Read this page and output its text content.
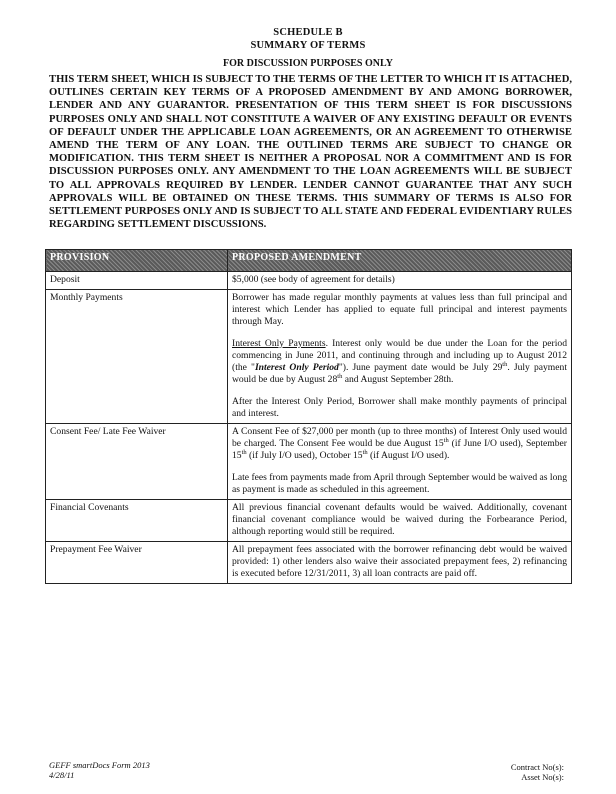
SCHEDULE B
SUMMARY OF TERMS
FOR DISCUSSION PURPOSES ONLY
THIS TERM SHEET, WHICH IS SUBJECT TO THE TERMS OF THE LETTER TO WHICH IT IS ATTACHED, OUTLINES CERTAIN KEY TERMS OF A PROPOSED AMENDMENT BY AND AMONG BORROWER, LENDER AND ANY GUARANTOR. PRESENTATION OF THIS TERM SHEET IS FOR DISCUSSIONS PURPOSES ONLY AND SHALL NOT CONSTITUTE A WAIVER OF ANY EXISTING DEFAULT OR EVENTS OF DEFAULT UNDER THE APPLICABLE LOAN AGREEMENTS, OR AN AGREEMENT TO OTHERWISE AMEND THE TERM OF ANY LOAN. THE OUTLINED TERMS ARE SUBJECT TO CHANGE OR MODIFICATION. THIS TERM SHEET IS NEITHER A PROPOSAL NOR A COMMITMENT AND IS FOR DISCUSSION PURPOSES ONLY. ANY AMENDMENT TO THE LOAN AGREEMENTS WILL BE SUBJECT TO ALL APPROVALS REQUIRED BY LENDER. LENDER CANNOT GUARANTEE THAT ANY SUCH APPROVALS WILL BE OBTAINED ON THESE TERMS. THIS SUMMARY OF TERMS IS ALSO FOR SETTLEMENT PURPOSES ONLY AND IS SUBJECT TO ALL STATE AND FEDERAL EVIDENTIARY RULES REGARDING SETTLEMENT DISCUSSIONS.
PROVISION	PROPOSED AMENDMENT
Deposit	$5,000 (see body of agreement for details)
Monthly Payments	Borrower has made regular monthly payments at values less than full principal and interest which Lender has applied to equate full principal and interest payments through May.

Interest Only Payments. Interest only would be due under the Loan for the period commencing in June 2011, and continuing through and including up to August 2012 (the "Interest Only Period"). June payment date would be July 29th. July payment would be due by August 28th and August September 28th.

After the Interest Only Period, Borrower shall make monthly payments of principal and interest.

Consent Fee/ Late Fee Waiver	A Consent Fee of $27,000 per month (up to three months) of Interest Only used would be charged. The Consent Fee would be due August 15th (if June I/O used), September 15th (if July I/O used), October 15th (if August I/O used).

Late fees from payments made from April through September would be waived as long as payment is made as scheduled in this agreement.

Financial Covenants	All previous financial covenant defaults would be waived. Additionally, covenant financial covenant compliance would be waived during the Forbearance Period, although reporting would still be required.
Prepayment Fee Waiver	All prepayment fees associated with the borrower refinancing debt would be waived provided: 1) other lenders also waive their associated prepayment fees, 2) refinancing is executed before 12/31/2011, 3) all loan contracts are paid off.
GEFF smartDocs Form 2013
4/28/11
Contract No(s):
Asset No(s):
